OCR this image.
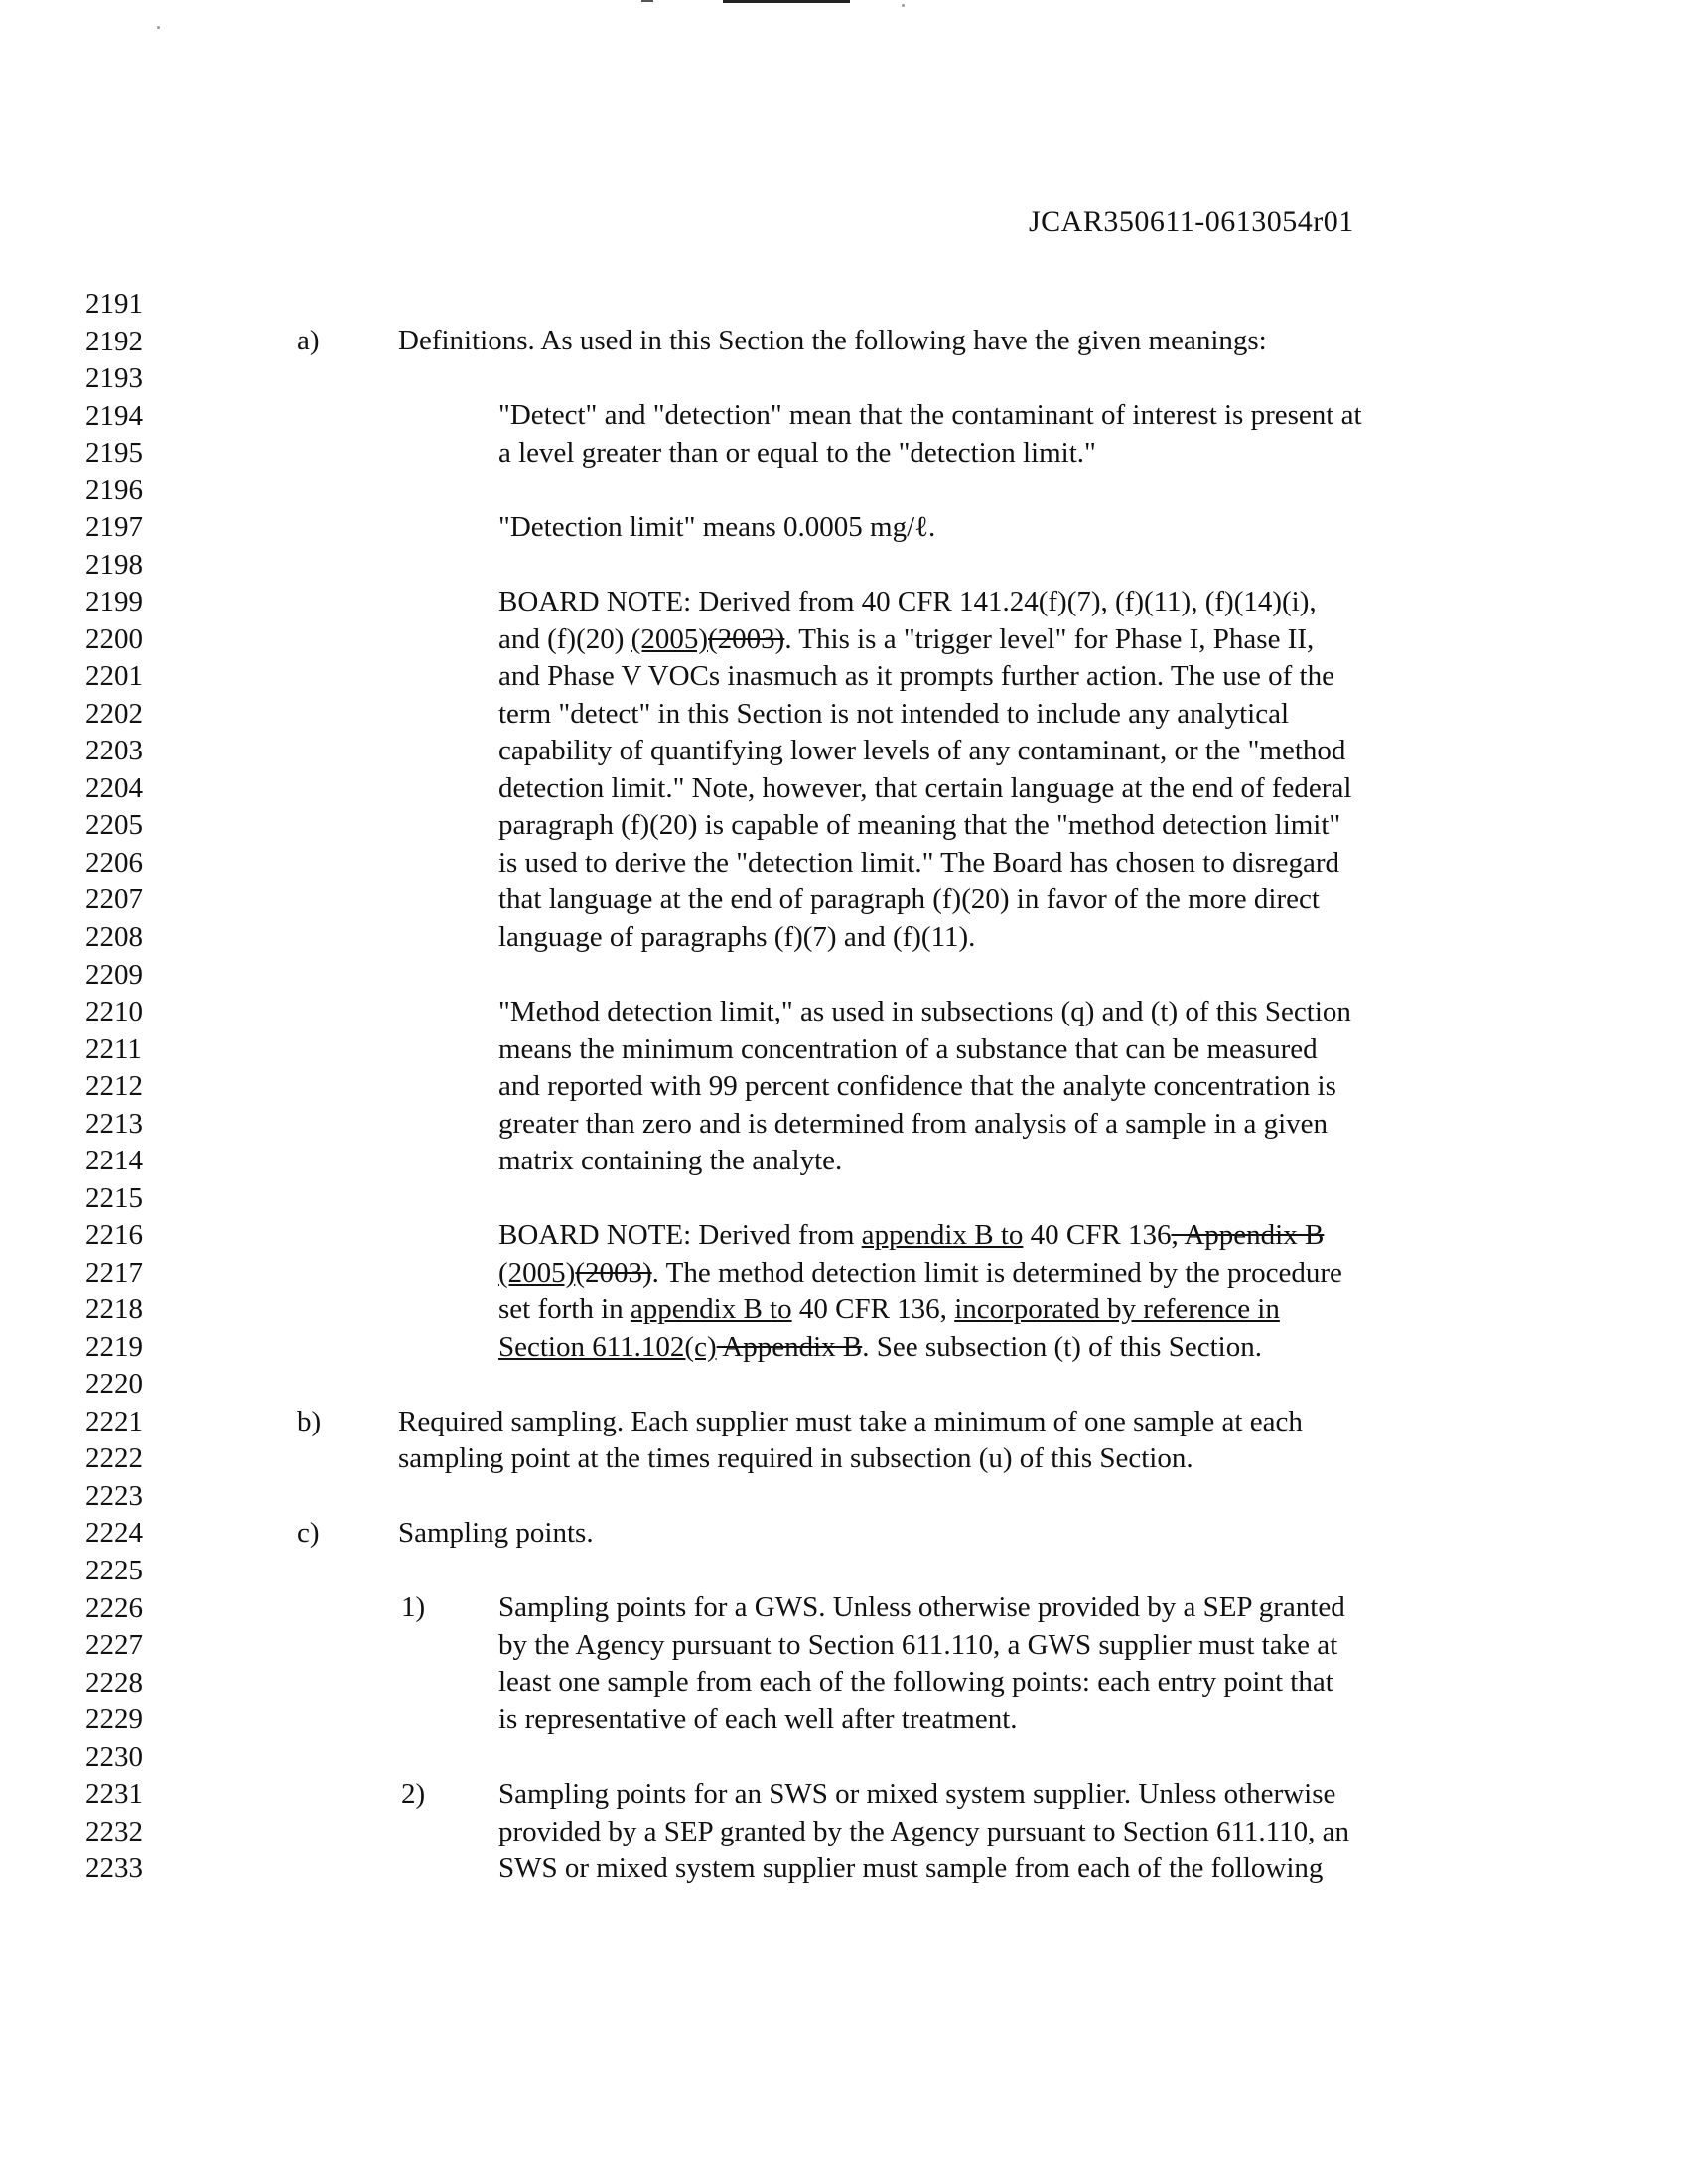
JCAR350611-0613054r01
2191
2192
2193
2194
2195
2196
2197
2198
2199
2200
2201
2202
2203
2204
2205
2206
2207
2208
2209
2210
2211
2212
2213
2214
2215
2216
2217
2218
2219
2220
2221
2222
2223
2224
2225
2226
2227
2228
2229
2230
2231
2232
2233
a)	Definitions. As used in this Section the following have the given meanings:
"Detect" and "detection" mean that the contaminant of interest is present at
a level greater than or equal to the "detection limit."
"Detection limit" means 0.0005 mg/ℓ.
BOARD NOTE: Derived from 40 CFR 141.24(f)(7), (f)(11), (f)(14)(i),
and (f)(20) (2005)(2003). This is a "trigger level" for Phase I, Phase II,
and Phase V VOCs inasmuch as it prompts further action. The use of the
term "detect" in this Section is not intended to include any analytical
capability of quantifying lower levels of any contaminant, or the "method
detection limit." Note, however, that certain language at the end of federal
paragraph (f)(20) is capable of meaning that the "method detection limit"
is used to derive the "detection limit." The Board has chosen to disregard
that language at the end of paragraph (f)(20) in favor of the more direct
language of paragraphs (f)(7) and (f)(11).
"Method detection limit," as used in subsections (q) and (t) of this Section
means the minimum concentration of a substance that can be measured
and reported with 99 percent confidence that the analyte concentration is
greater than zero and is determined from analysis of a sample in a given
matrix containing the analyte.
BOARD NOTE: Derived from appendix B to 40 CFR 136, Appendix B
(2005)(2003). The method detection limit is determined by the procedure
set forth in appendix B to 40 CFR 136, incorporated by reference in
Section 611.102(c) Appendix B. See subsection (t) of this Section.
b)	Required sampling. Each supplier must take a minimum of one sample at each
sampling point at the times required in subsection (u) of this Section.
c)	Sampling points.
1)	Sampling points for a GWS. Unless otherwise provided by a SEP granted
by the Agency pursuant to Section 611.110, a GWS supplier must take at
least one sample from each of the following points: each entry point that
is representative of each well after treatment.
2)	Sampling points for an SWS or mixed system supplier. Unless otherwise
provided by a SEP granted by the Agency pursuant to Section 611.110, an
SWS or mixed system supplier must sample from each of the following
